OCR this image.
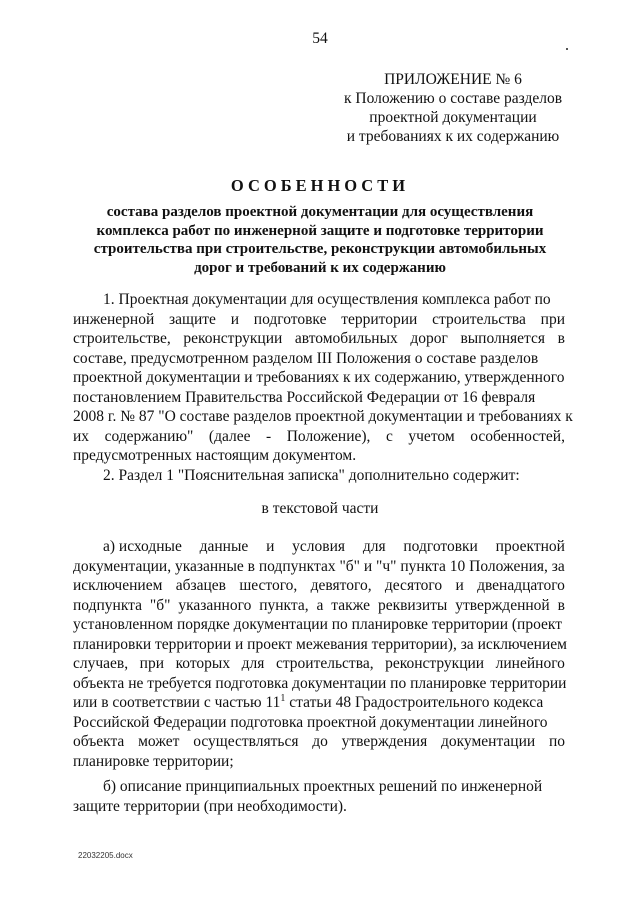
54
ПРИЛОЖЕНИЕ № 6
к Положению о составе разделов
проектной документации
и требованиях к их содержанию
ОСОБЕННОСТИ
состава разделов проектной документации для осуществления
комплекса работ по инженерной защите и подготовке территории
строительства при строительстве, реконструкции автомобильных
дорог и требований к их содержанию
1. Проектная документации для осуществления комплекса работ по
инженерной защите и подготовке территории строительства при
строительстве, реконструкции автомобильных дорог выполняется в
составе, предусмотренном разделом III Положения о составе разделов
проектной документации и требованиях к их содержанию, утвержденного
постановлением Правительства Российской Федерации от 16 февраля
2008 г. № 87 "О составе разделов проектной документации и требованиях к
их содержанию" (далее - Положение), с учетом особенностей,
предусмотренных настоящим документом.
2. Раздел 1 "Пояснительная записка" дополнительно содержит:
в текстовой части
а) исходные данные и условия для подготовки проектной
документации, указанные в подпунктах "б" и "ч" пункта 10 Положения, за
исключением абзацев шестого, девятого, десятого и двенадцатого
подпункта "б" указанного пункта, а также реквизиты утвержденной в
установленном порядке документации по планировке территории (проект
планировки территории и проект межевания территории), за исключением
случаев, при которых для строительства, реконструкции линейного
объекта не требуется подготовка документации по планировке территории
или в соответствии с частью $11^1$ статьи 48 Градостроительного кодекса
Российской Федерации подготовка проектной документации линейного
объекта может осуществляться до утверждения документации по
планировке территории;
б) описание принципиальных проектных решений по инженерной
защите территории (при необходимости).
22032205.docx
